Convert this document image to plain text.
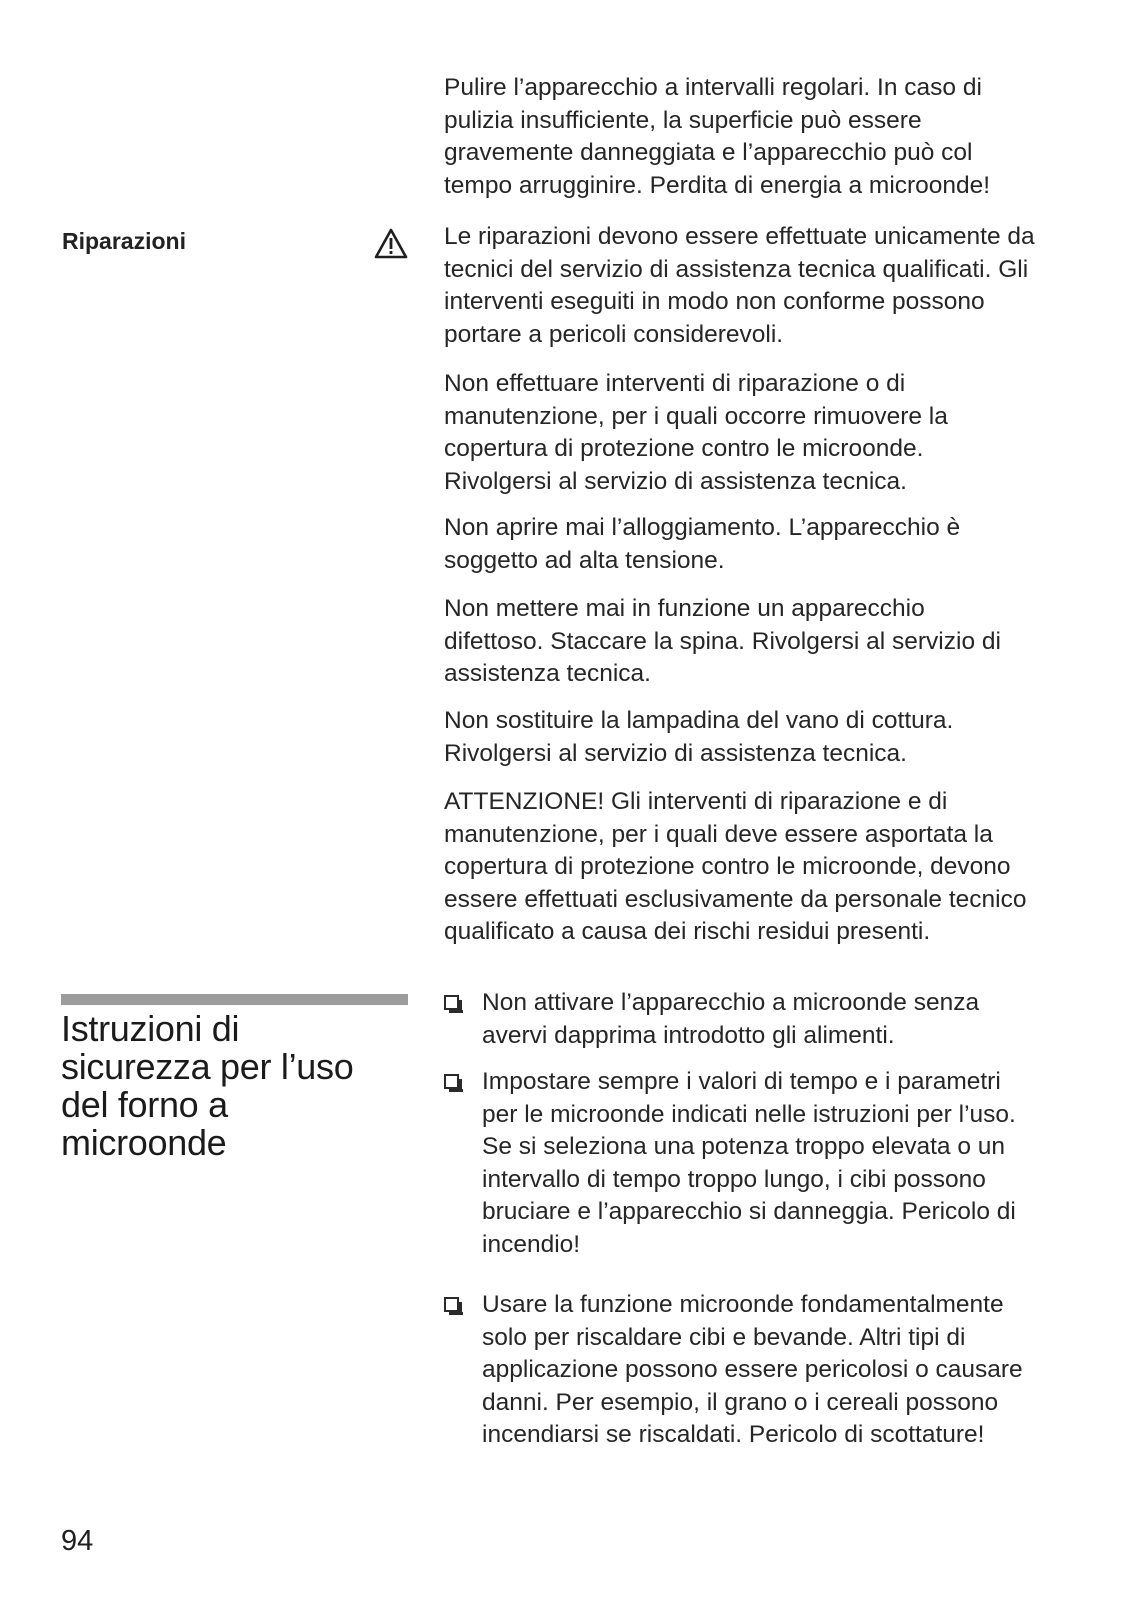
Pulire l’apparecchio a intervalli regolari. In caso di
pulizia insufficiente, la superficie può essere
gravemente danneggiata e l’apparecchio può col
tempo arrugginire. Perdita di energia a microonde!

Riparazioni	Le riparazioni devono essere effettuate unicamente da
tecnici del servizio di assistenza tecnica qualificati. Gli
interventi eseguiti in modo non conforme possono
portare a pericoli considerevoli.

Non effettuare interventi di riparazione o di
manutenzione, per i quali occorre rimuovere la
copertura di protezione contro le microonde.
Rivolgersi al servizio di assistenza tecnica.

Non aprire mai l’alloggiamento. L’apparecchio è
soggetto ad alta tensione.

Non mettere mai in funzione un apparecchio
difettoso. Staccare la spina. Rivolgersi al servizio di
assistenza tecnica.

Non sostituire la lampadina del vano di cottura.
Rivolgersi al servizio di assistenza tecnica.

ATTENZIONE! Gli interventi di riparazione e di
manutenzione, per i quali deve essere asportata la
copertura di protezione contro le microonde, devono
essere effettuati esclusivamente da personale tecnico
qualificato a causa dei rischi residui presenti.

Istruzioni di
sicurezza per l’uso
del forno a
microonde

Non attivare l’apparecchio a microonde senza
avervi dapprima introdotto gli alimenti.

Impostare sempre i valori di tempo e i parametri
per le microonde indicati nelle istruzioni per l’uso.
Se si seleziona una potenza troppo elevata o un
intervallo di tempo troppo lungo, i cibi possono
bruciare e l’apparecchio si danneggia. Pericolo di
incendio!

Usare la funzione microonde fondamentalmente
solo per riscaldare cibi e bevande. Altri tipi di
applicazione possono essere pericolosi o causare
danni. Per esempio, il grano o i cereali possono
incendiarsi se riscaldati. Pericolo di scottature!

94
